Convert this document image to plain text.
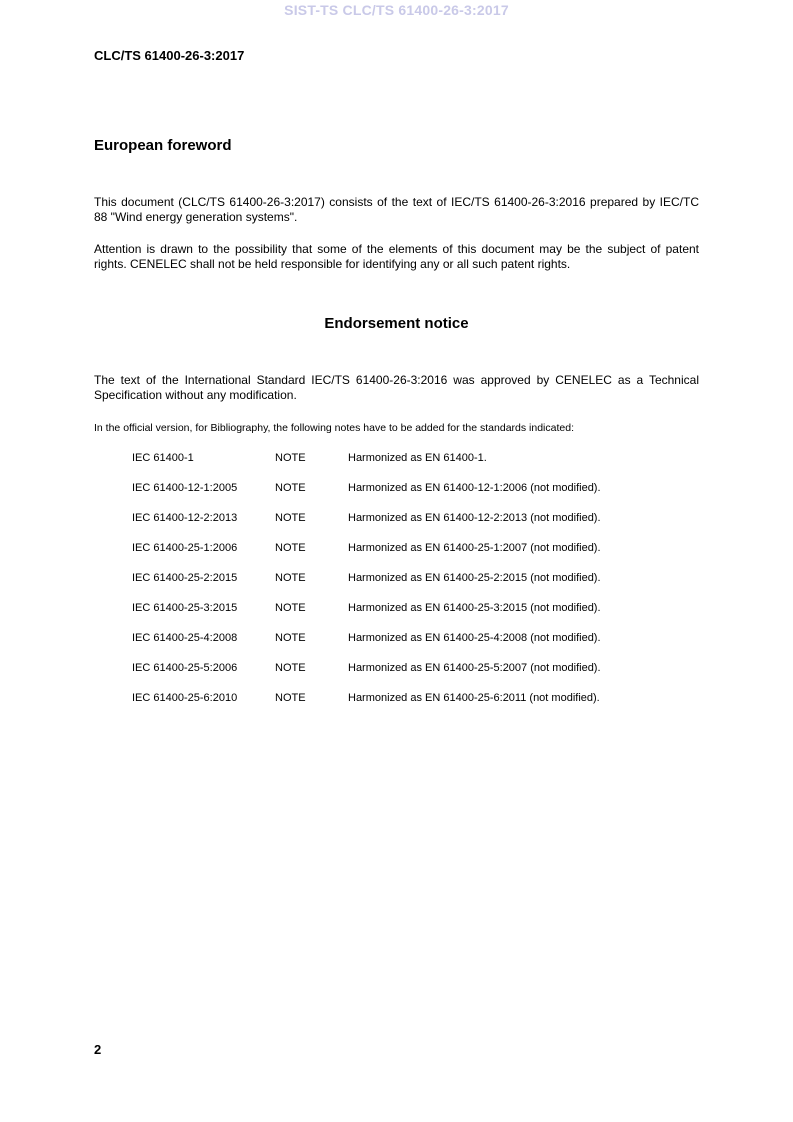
SIST-TS CLC/TS 61400-26-3:2017
CLC/TS 61400-26-3:2017
European foreword
This document (CLC/TS 61400-26-3:2017) consists of the text of IEC/TS 61400-26-3:2016 prepared by IEC/TC 88 "Wind energy generation systems".
Attention is drawn to the possibility that some of the elements of this document may be the subject of patent rights. CENELEC shall not be held responsible for identifying any or all such patent rights.
Endorsement notice
The text of the International Standard IEC/TS 61400-26-3:2016 was approved by CENELEC as a Technical Specification without any modification.
In the official version, for Bibliography, the following notes have to be added for the standards indicated:
IEC 61400-1	NOTE	Harmonized as EN 61400-1.
IEC 61400-12-1:2005	NOTE	Harmonized as EN 61400-12-1:2006 (not modified).
IEC 61400-12-2:2013	NOTE	Harmonized as EN 61400-12-2:2013 (not modified).
IEC 61400-25-1:2006	NOTE	Harmonized as EN 61400-25-1:2007 (not modified).
IEC 61400-25-2:2015	NOTE	Harmonized as EN 61400-25-2:2015 (not modified).
IEC 61400-25-3:2015	NOTE	Harmonized as EN 61400-25-3:2015 (not modified).
IEC 61400-25-4:2008	NOTE	Harmonized as EN 61400-25-4:2008 (not modified).
IEC 61400-25-5:2006	NOTE	Harmonized as EN 61400-25-5:2007 (not modified).
IEC 61400-25-6:2010	NOTE	Harmonized as EN 61400-25-6:2011 (not modified).
2
